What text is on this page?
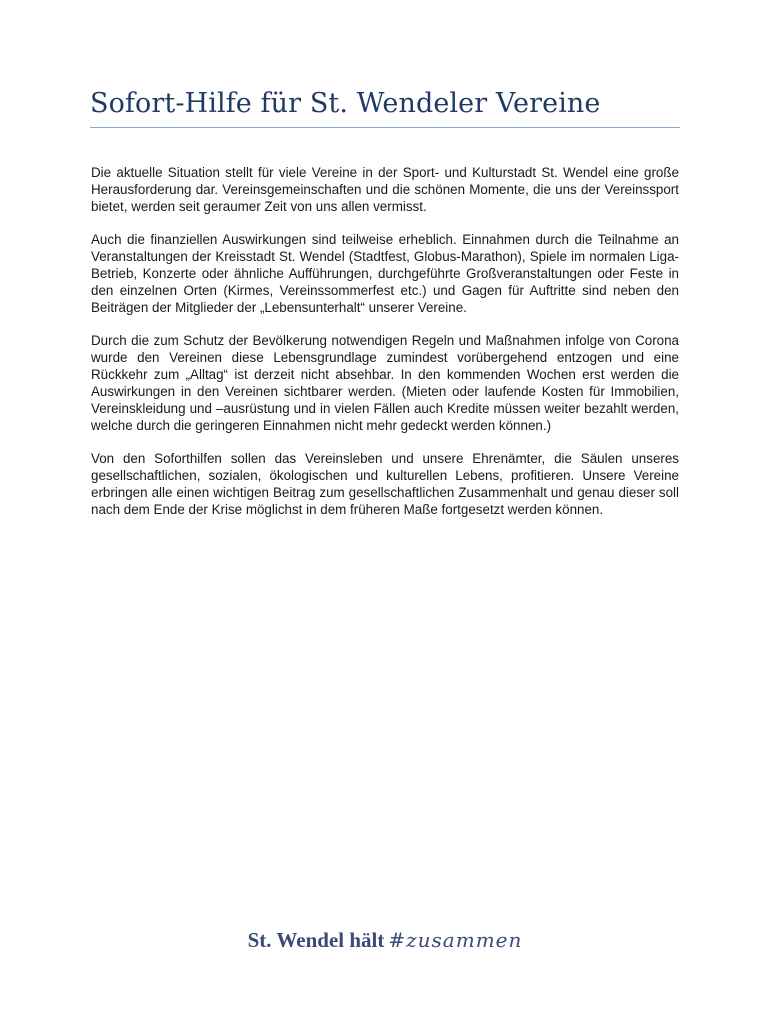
Sofort-Hilfe für St. Wendeler Vereine

Die aktuelle Situation stellt für viele Vereine in der Sport- und Kulturstadt St. Wendel eine große Herausforderung dar. Vereinsgemeinschaften und die schönen Momente, die uns der Vereinssport bietet, werden seit geraumer Zeit von uns allen vermisst.

Auch die finanziellen Auswirkungen sind teilweise erheblich. Einnahmen durch die Teilnahme an Veranstaltungen der Kreisstadt St. Wendel (Stadtfest, Globus-Marathon), Spiele im normalen Liga-Betrieb, Konzerte oder ähnliche Aufführungen, durchgeführte Großveranstaltungen oder Feste in den einzelnen Orten (Kirmes, Vereinssommerfest etc.) und Gagen für Auftritte sind neben den Beiträgen der Mitglieder der „Lebensunterhalt“ unserer Vereine.

Durch die zum Schutz der Bevölkerung notwendigen Regeln und Maßnahmen infolge von Corona wurde den Vereinen diese Lebensgrundlage zumindest vorübergehend entzogen und eine Rückkehr zum „Alltag“ ist derzeit nicht absehbar. In den kommenden Wochen erst werden die Auswirkungen in den Vereinen sichtbarer werden. (Mieten oder laufende Kosten für Immobilien, Vereinskleidung und –ausrüstung und in vielen Fällen auch Kredite müssen weiter bezahlt werden, welche durch die geringeren Einnahmen nicht mehr gedeckt werden können.)

Von den Soforthilfen sollen das Vereinsleben und unsere Ehrenämter, die Säulen unseres gesellschaftlichen, sozialen, ökologischen und kulturellen Lebens, profitieren. Unsere Vereine erbringen alle einen wichtigen Beitrag zum gesellschaftlichen Zusammenhalt und genau dieser soll nach dem Ende der Krise möglichst in dem früheren Maße fortgesetzt werden können.

St. Wendel hält #zusammen
